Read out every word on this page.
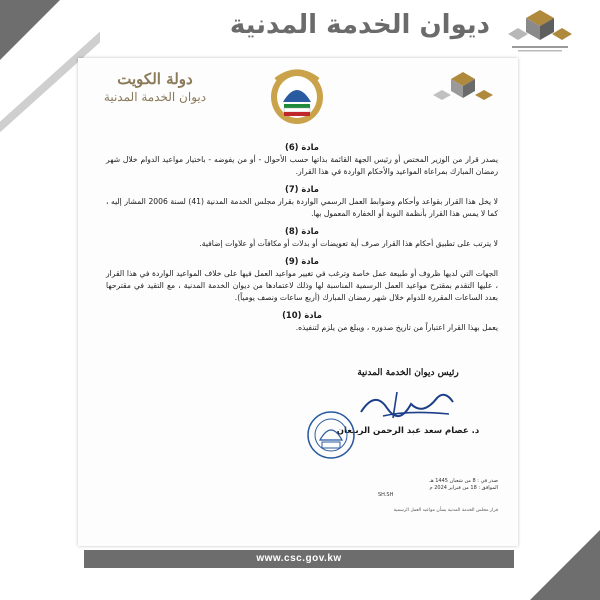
ديوان الخدمة المدنية
دولة الكويت
ديوان الخدمة المدنية
مادة (6)

يصدر قرار من الوزير المختص أو رئيس الجهة القائمة بذاتها حسب الأحوال - أو من يفوضه - باختيار مواعيد الدوام خلال شهر رمضان المبارك بمراعاة المواعيد والأحكام الواردة في هذا القرار.

مادة (7)

لا يخل هذا القرار بقواعد وأحكام وضوابط العمل الرسمي الواردة بقرار مجلس الخدمة المدنية (41) لسنة 2006 المشار إليه ، كما لا يمس هذا القرار بأنظمة النوبة أو الخفارة المعمول بها.

مادة (8)

لا يترتب على تطبيق أحكام هذا القرار صرف أية تعويضات أو بدلات أو مكافآت أو علاوات إضافية.

مادة (9)

الجهات التي لديها ظروف أو طبيعة عمل خاصة وترغب في تغيير مواعيد العمل فيها على خلاف المواعيد الواردة في هذا القرار ، عليها التقدم بمقترح مواعيد العمل الرسمية المناسبة لها وذلك لاعتمادها من ديوان الخدمة المدنية ، مع التقيد في مقترحها بعدد الساعات المقررة للدوام خلال شهر رمضان المبارك (أربع ساعات ونصف يومياً).

مادة (10)

يعمل بهذا القرار اعتباراً من تاريخ صدوره ، ويبلغ من يلزم لتنفيذه.

رئيس ديوان الخدمة المدنية
د. عصام سعد عبد الرحمن الربيعان
صدر في : 8 من شعبان 1445 هـ
الموافق : 18 من فبراير 2024 م
SH.SH
قرار مجلس الخدمة المدنية بشأن مواعيد العمل الرسمية
www.csc.gov.kw
